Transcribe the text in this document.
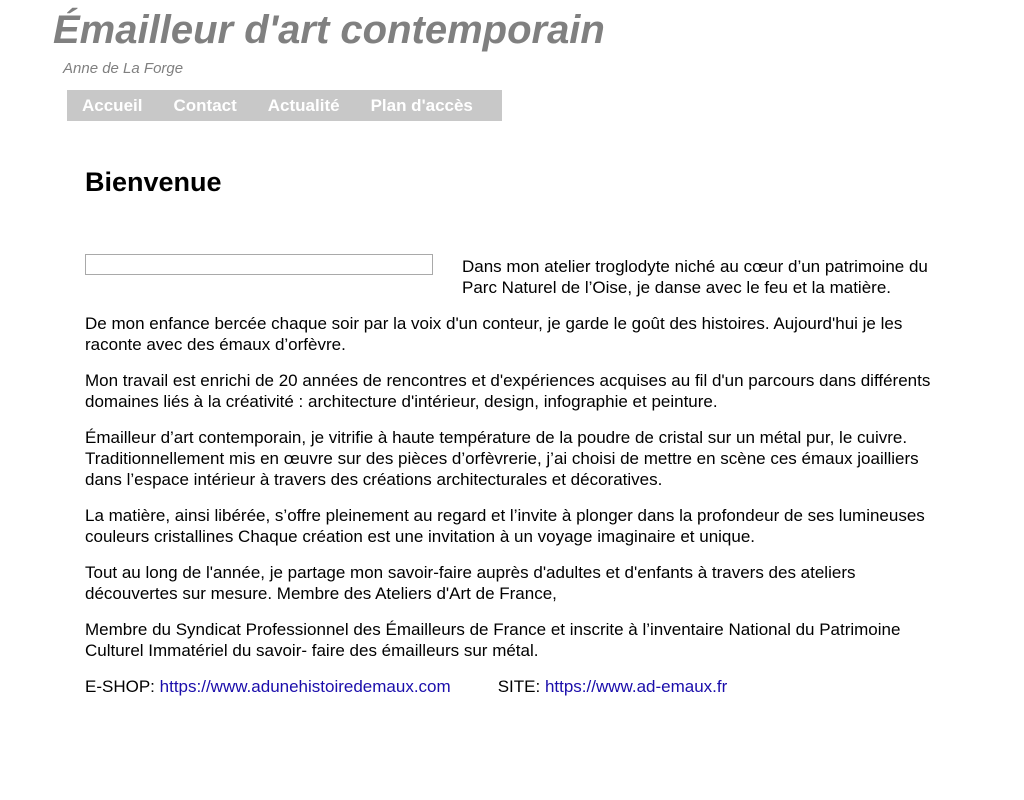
Émailleur d'art contemporain
Anne de La Forge
Accueil Contact Actualité Plan d'accès
Bienvenue

Dans mon atelier troglodyte niché au cœur d’un patrimoine du Parc Naturel de l’Oise, je danse avec le feu et la matière.

De mon enfance bercée chaque soir par la voix d'un conteur, je garde le goût des histoires. Aujourd'hui je les raconte avec des émaux d’orfèvre.

Mon travail est enrichi de 20 années de rencontres et d'expériences acquises au fil d'un parcours dans différents domaines liés à la créativité : architecture d'intérieur, design, infographie et peinture.

Émailleur d’art contemporain, je vitrifie à haute température de la poudre de cristal sur un métal pur, le cuivre. Traditionnellement mis en œuvre sur des pièces d’orfèvrerie, j’ai choisi de mettre en scène ces émaux joailliers dans l’espace intérieur à travers des créations architecturales et décoratives.

La matière, ainsi libérée, s’offre pleinement au regard et l’invite à plonger dans la profondeur de ses lumineuses couleurs cristallines Chaque création est une invitation à un voyage imaginaire et unique.

Tout au long de l'année, je partage mon savoir-faire auprès d'adultes et d'enfants à travers des ateliers découvertes sur mesure. Membre des Ateliers d'Art de France,

Membre du Syndicat Professionnel des Émailleurs de France et inscrite à l’inventaire National du Patrimoine Culturel Immatériel du savoir- faire des émailleurs sur métal.

E-SHOP: https://www.adunehistoiredemaux.com	SITE: https://www.ad-emaux.fr
